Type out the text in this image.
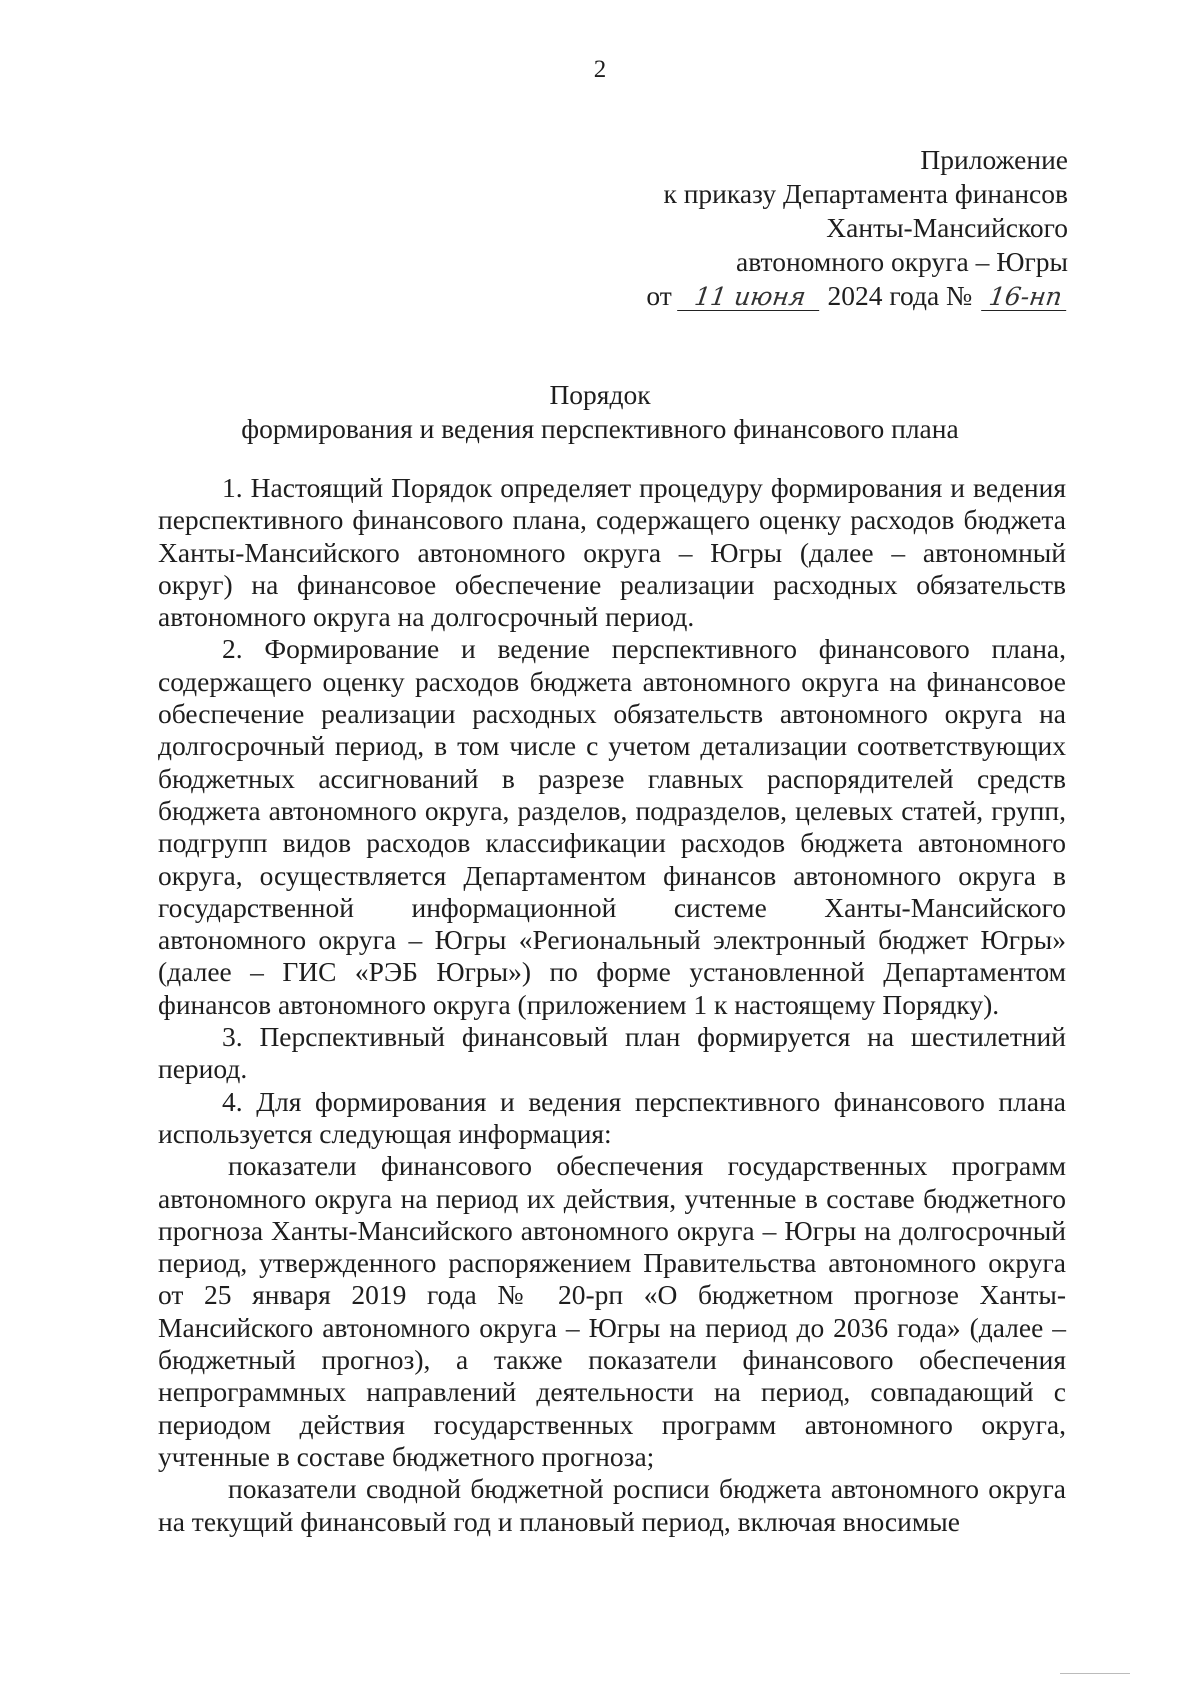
2
Приложение
к приказу Департамента финансов
Ханты-Мансийского
автономного округа – Югры
от 11 июня 2024 года № 16-нп
Порядок
формирования и ведения перспективного финансового плана

1. Настоящий Порядок определяет процедуру формирования и ведения перспективного финансового плана, содержащего оценку расходов бюджета Ханты-Мансийского автономного округа – Югры (далее – автономный округ) на финансовое обеспечение реализации расходных обязательств автономного округа на долгосрочный период.

2. Формирование и ведение перспективного финансового плана, содержащего оценку расходов бюджета автономного округа на финансовое обеспечение реализации расходных обязательств автономного округа на долгосрочный период, в том числе с учетом детализации соответствующих бюджетных ассигнований в разрезе главных распорядителей средств бюджета автономного округа, разделов, подразделов, целевых статей, групп, подгрупп видов расходов классификации расходов бюджета автономного округа, осуществляется Департаментом финансов автономного округа в государственной информационной системе Ханты-Мансийского автономного округа – Югры «Региональный электронный бюджет Югры» (далее – ГИС «РЭБ Югры») по форме установленной Департаментом финансов автономного округа (приложением 1 к настоящему Порядку).

3. Перспективный финансовый план формируется на шестилетний период.

4. Для формирования и ведения перспективного финансового плана используется следующая информация:

показатели финансового обеспечения государственных программ автономного округа на период их действия, учтенные в составе бюджетного прогноза Ханты-Мансийского автономного округа – Югры на долгосрочный период, утвержденного распоряжением Правительства автономного округа от 25 января 2019 года № 20-рп «О бюджетном прогнозе Ханты-Мансийского автономного округа – Югры на период до 2036 года» (далее – бюджетный прогноз), а также показатели финансового обеспечения непрограммных направлений деятельности на период, совпадающий с периодом действия государственных программ автономного округа, учтенные в составе бюджетного прогноза;

показатели сводной бюджетной росписи бюджета автономного округа на текущий финансовый год и плановый период, включая вносимые
